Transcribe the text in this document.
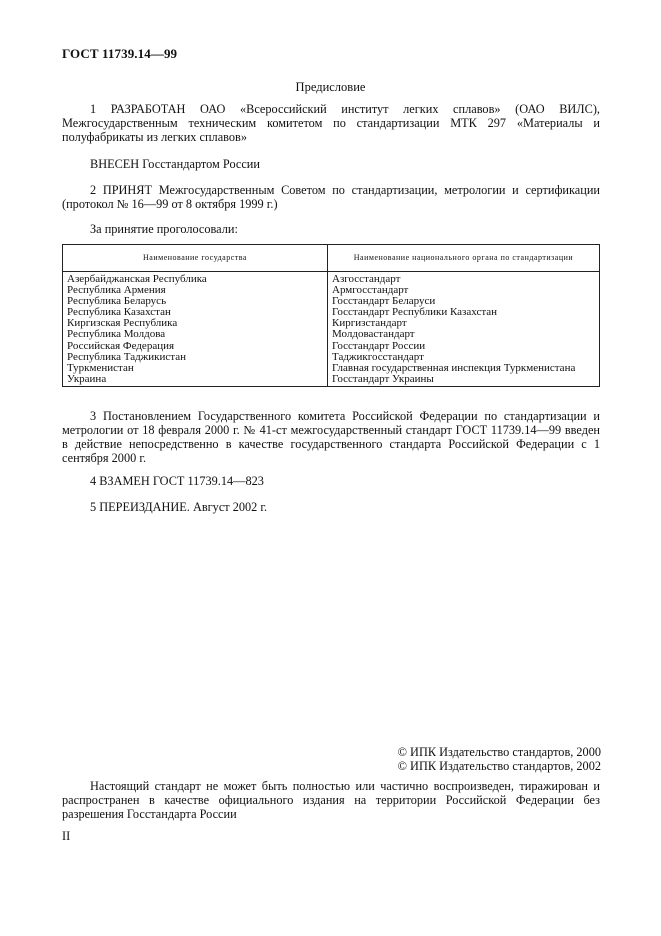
ГОСТ 11739.14—99
Предисловие
1 РАЗРАБОТАН ОАО «Всероссийский институт легких сплавов» (ОАО ВИЛС), Межгосударственным техническим комитетом по стандартизации МТК 297 «Материалы и полуфабрикаты из легких сплавов»
ВНЕСЕН Госстандартом России
2 ПРИНЯТ Межгосударственным Советом по стандартизации, метрологии и сертификации (протокол № 16—99 от 8 октября 1999 г.)
За принятие проголосовали:
Наименование государства	Наименование национального органа по стандартизации
Азербайджанская Республика	Азгосстандарт
Республика Армения	Армгосстандарт
Республика Беларусь	Госстандарт Беларуси
Республика Казахстан	Госстандарт Республики Казахстан
Киргизская Республика	Киргизстандарт
Республика Молдова	Молдовастандарт
Российская Федерация	Госстандарт России
Республика Таджикистан	Таджикгосстандарт
Туркменистан	Главная государственная инспекция Туркменистана
Украина	Госстандарт Украины
3 Постановлением Государственного комитета Российской Федерации по стандартизации и метрологии от 18 февраля 2000 г. № 41-ст межгосударственный стандарт ГОСТ 11739.14—99 введен в действие непосредственно в качестве государственного стандарта Российской Федерации с 1 сентября 2000 г.
4 ВЗАМЕН ГОСТ 11739.14—823
5 ПЕРЕИЗДАНИЕ. Август 2002 г.
© ИПК Издательство стандартов, 2000
© ИПК Издательство стандартов, 2002
Настоящий стандарт не может быть полностью или частично воспроизведен, тиражирован и распространен в качестве официального издания на территории Российской Федерации без разрешения Госстандарта России
II
